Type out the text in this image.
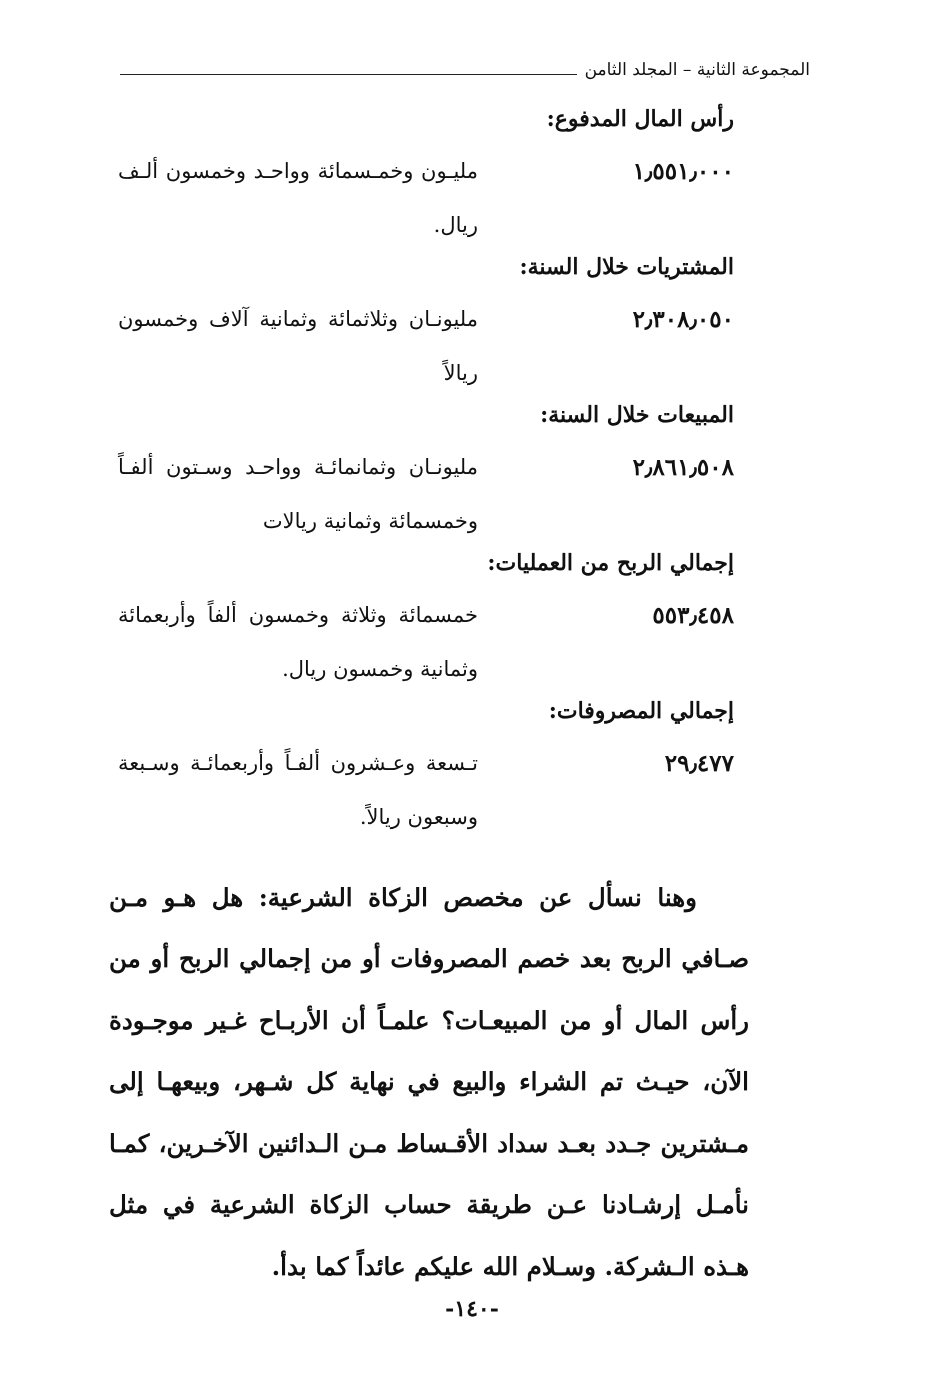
المجموعة الثانية – المجلد الثامن
رأس المال المدفوع:
١٫٥٥١٫٠٠٠
مليـون وخمـسمائة وواحـد وخمسون ألـف ريال.
المشتريات خلال السنة:
٢٫٣٠٨٫٠٥٠
مليونـان وثلاثمائة وثمانية آلاف وخمسون ريالاً
المبيعات خلال السنة:
٢٫٨٦١٫٥٠٨
مليونـان وثمانمائـة وواحـد وسـتون ألفـاً وخمسمائة وثمانية ريالات
إجمالي الربح من العمليات:
٥٥٣٫٤٥٨
خمسمائة وثلاثة وخمسون ألفاً وأربعمائة وثمانية وخمسون ريال.
إجمالي المصروفات:
٢٩٫٤٧٧
تـسعة وعـشرون ألفـاً وأربعمائـة وسـبعة وسبعون ريالاً.

وهنا نسأل عن مخصص الزكاة الشرعية: هل هـو مـن صـافي الربح بعد خصم المصروفات أو من إجمالي الربح أو من رأس المال أو من المبيعـات؟ علمـاً أن الأربـاح غـير موجـودة الآن، حيـث تم الشراء والبيع في نهاية كل شـهر، وبيعهـا إلى مـشترين جـدد بعـد سداد الأقـساط مـن الـدائنين الآخـرين، كمـا نأمـل إرشـادنا عـن طريقة حساب الزكاة الشرعية في مثل هـذه الـشركة. وسـلام الله عليكم عائداً كما بدأ.

-١٤٠-
